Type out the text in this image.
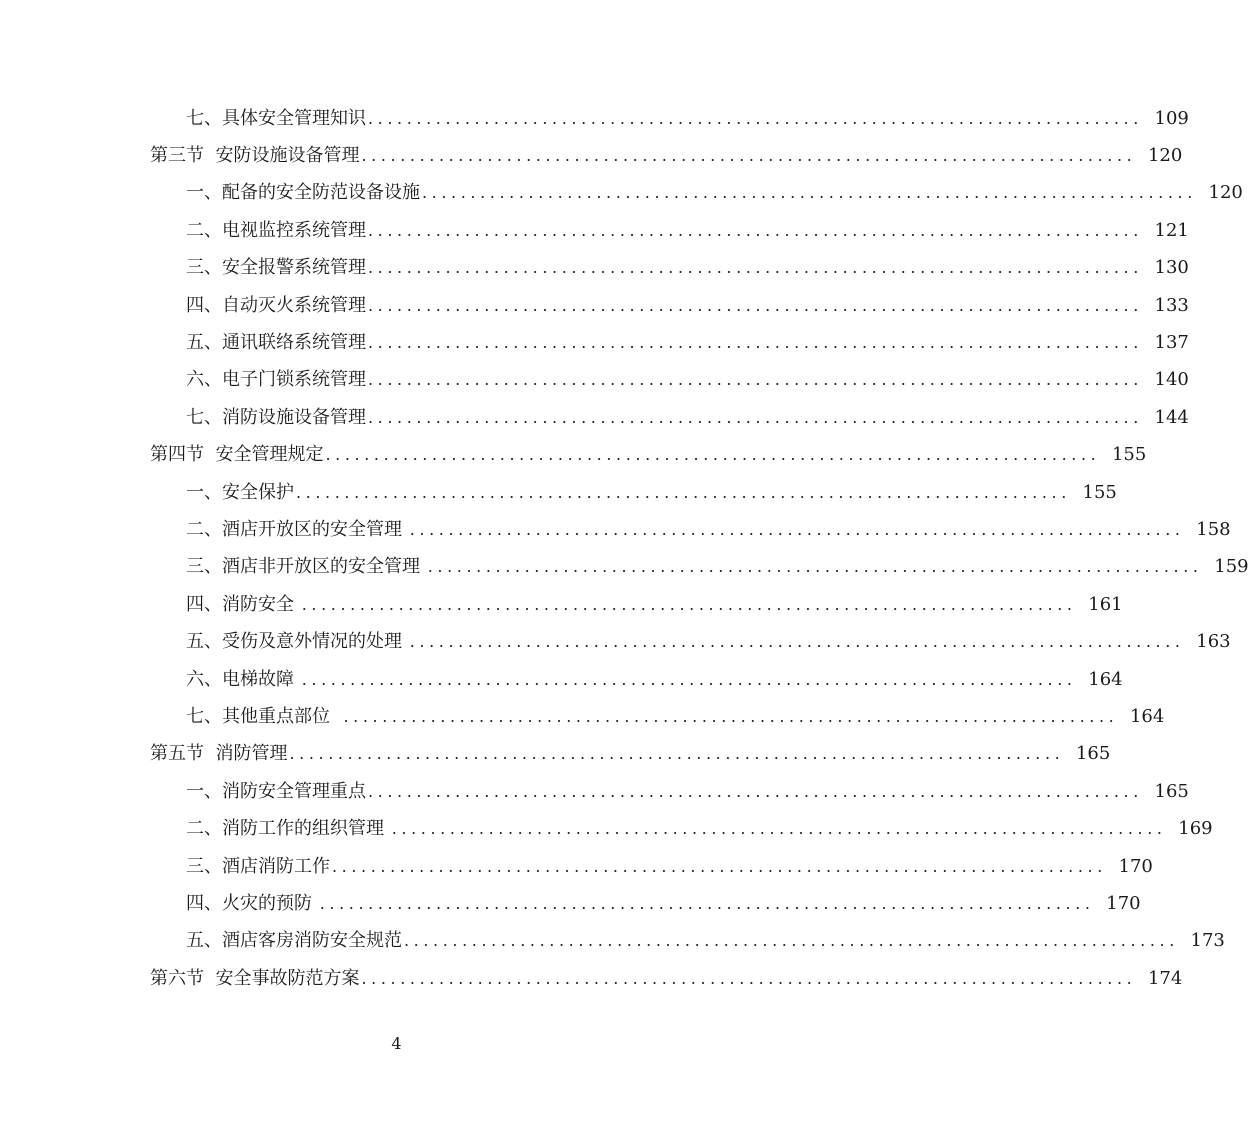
七、具体安全管理知识 ................................................................................ 109
第三节  安防设施设备管理 ................................................................................ 120
一、配备的安全防范设备设施 ................................................................................ 120
二、电视监控系统管理 ................................................................................ 121
三、安全报警系统管理 ................................................................................ 130
四、自动灭火系统管理 ................................................................................ 133
五、通讯联络系统管理 ................................................................................ 137
六、电子门锁系统管理 ................................................................................ 140
七、消防设施设备管理 ................................................................................ 144
第四节  安全管理规定 ................................................................................ 155
一、安全保护 ................................................................................ 155
二、酒店开放区的安全管理 ................................................................................ 158
三、酒店非开放区的安全管理 ................................................................................ 159
四、消防安全 ................................................................................ 161
五、受伤及意外情况的处理 ................................................................................ 163
六、电梯故障 ................................................................................ 164
七、其他重点部位 ................................................................................ 164
第五节  消防管理 ................................................................................ 165
一、消防安全管理重点 ................................................................................ 165
二、消防工作的组织管理 ................................................................................ 169
三、酒店消防工作 ................................................................................ 170
四、火灾的预防 ................................................................................ 170
五、酒店客房消防安全规范 ................................................................................ 173
第六节  安全事故防范方案 ................................................................................ 174
4
